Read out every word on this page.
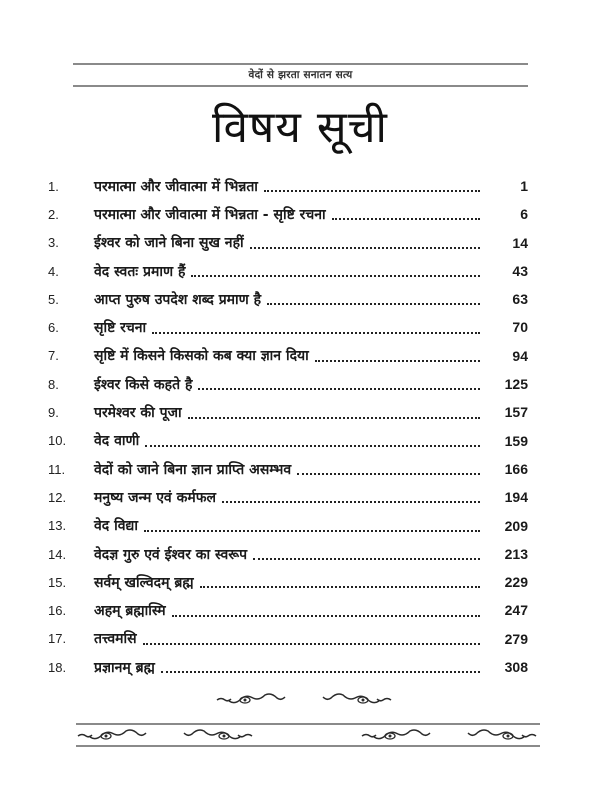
वेदों से झरता सनातन सत्य
विषय सूची
1.	परमात्मा और जीवात्मा में भिन्नता	1
2.	परमात्मा और जीवात्मा में भिन्नता - सृष्टि रचना	6
3.	ईश्वर को जाने बिना सुख नहीं	14
4.	वेद स्वतः प्रमाण हैं	43
5.	आप्त पुरुष उपदेश शब्द प्रमाण है	63
6.	सृष्टि रचना	70
7.	सृष्टि में किसने किसको कब क्या ज्ञान दिया	94
8.	ईश्वर किसे कहते है	125
9.	परमेश्वर की पूजा	157
10.	वेद वाणी	159
11.	वेदों को जाने बिना ज्ञान प्राप्ति असम्भव	166
12.	मनुष्य जन्म एवं कर्मफल	194
13.	वेद विद्या	209
14.	वेदज्ञ गुरु एवं ईश्वर का स्वरूप	213
15.	सर्वम् खल्विदम् ब्रह्म	229
16.	अहम् ब्रह्मास्मि	247
17.	तत्त्वमसि	279
18.	प्रज्ञानम् ब्रह्म	308
